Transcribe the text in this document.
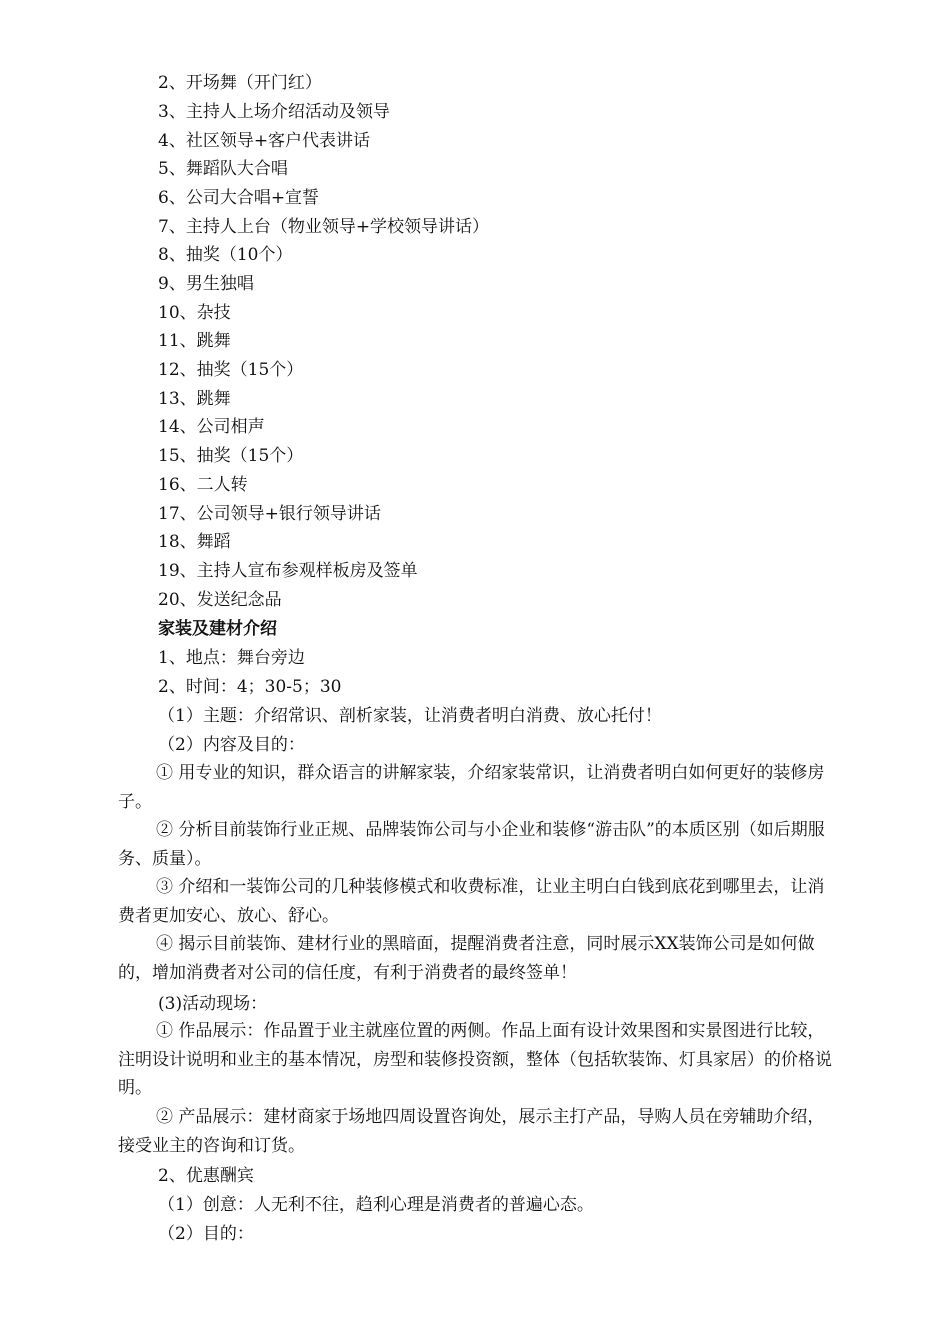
2、开场舞（开门红）
3、主持人上场介绍活动及领导
4、社区领导+客户代表讲话
5、舞蹈队大合唱
6、公司大合唱+宣誓
7、主持人上台（物业领导+学校领导讲话）
8、抽奖（10个）
9、男生独唱
10、杂技
11、跳舞
12、抽奖（15个）
13、跳舞
14、公司相声
15、抽奖（15个）
16、二人转
17、公司领导+银行领导讲话
18、舞蹈
19、主持人宣布参观样板房及签单
20、发送纪念品
家装及建材介绍
1、地点：舞台旁边
2、时间：4；30-5；30
（1）主题：介绍常识、剖析家装，让消费者明白消费、放心托付！
（2）内容及目的：
① 用专业的知识，群众语言的讲解家装，介绍家装常识，让消费者明白如何更好的装修房子。
② 分析目前装饰行业正规、品牌装饰公司与小企业和装修“游击队”的本质区别（如后期服务、质量）。
③ 介绍和一装饰公司的几种装修模式和收费标准，让业主明白白钱到底花到哪里去，让消费者更加安心、放心、舒心。
④ 揭示目前装饰、建材行业的黑暗面，提醒消费者注意，同时展示XX装饰公司是如何做的，增加消费者对公司的信任度，有利于消费者的最终签单！
(3)活动现场：
① 作品展示：作品置于业主就座位置的两侧。作品上面有设计效果图和实景图进行比较，注明设计说明和业主的基本情况，房型和装修投资额，整体（包括软装饰、灯具家居）的价格说明。
② 产品展示：建材商家于场地四周设置咨询处，展示主打产品，导购人员在旁辅助介绍，接受业主的咨询和订货。
2、优惠酬宾
（1）创意：人无利不往，趋利心理是消费者的普遍心态。
（2）目的：
